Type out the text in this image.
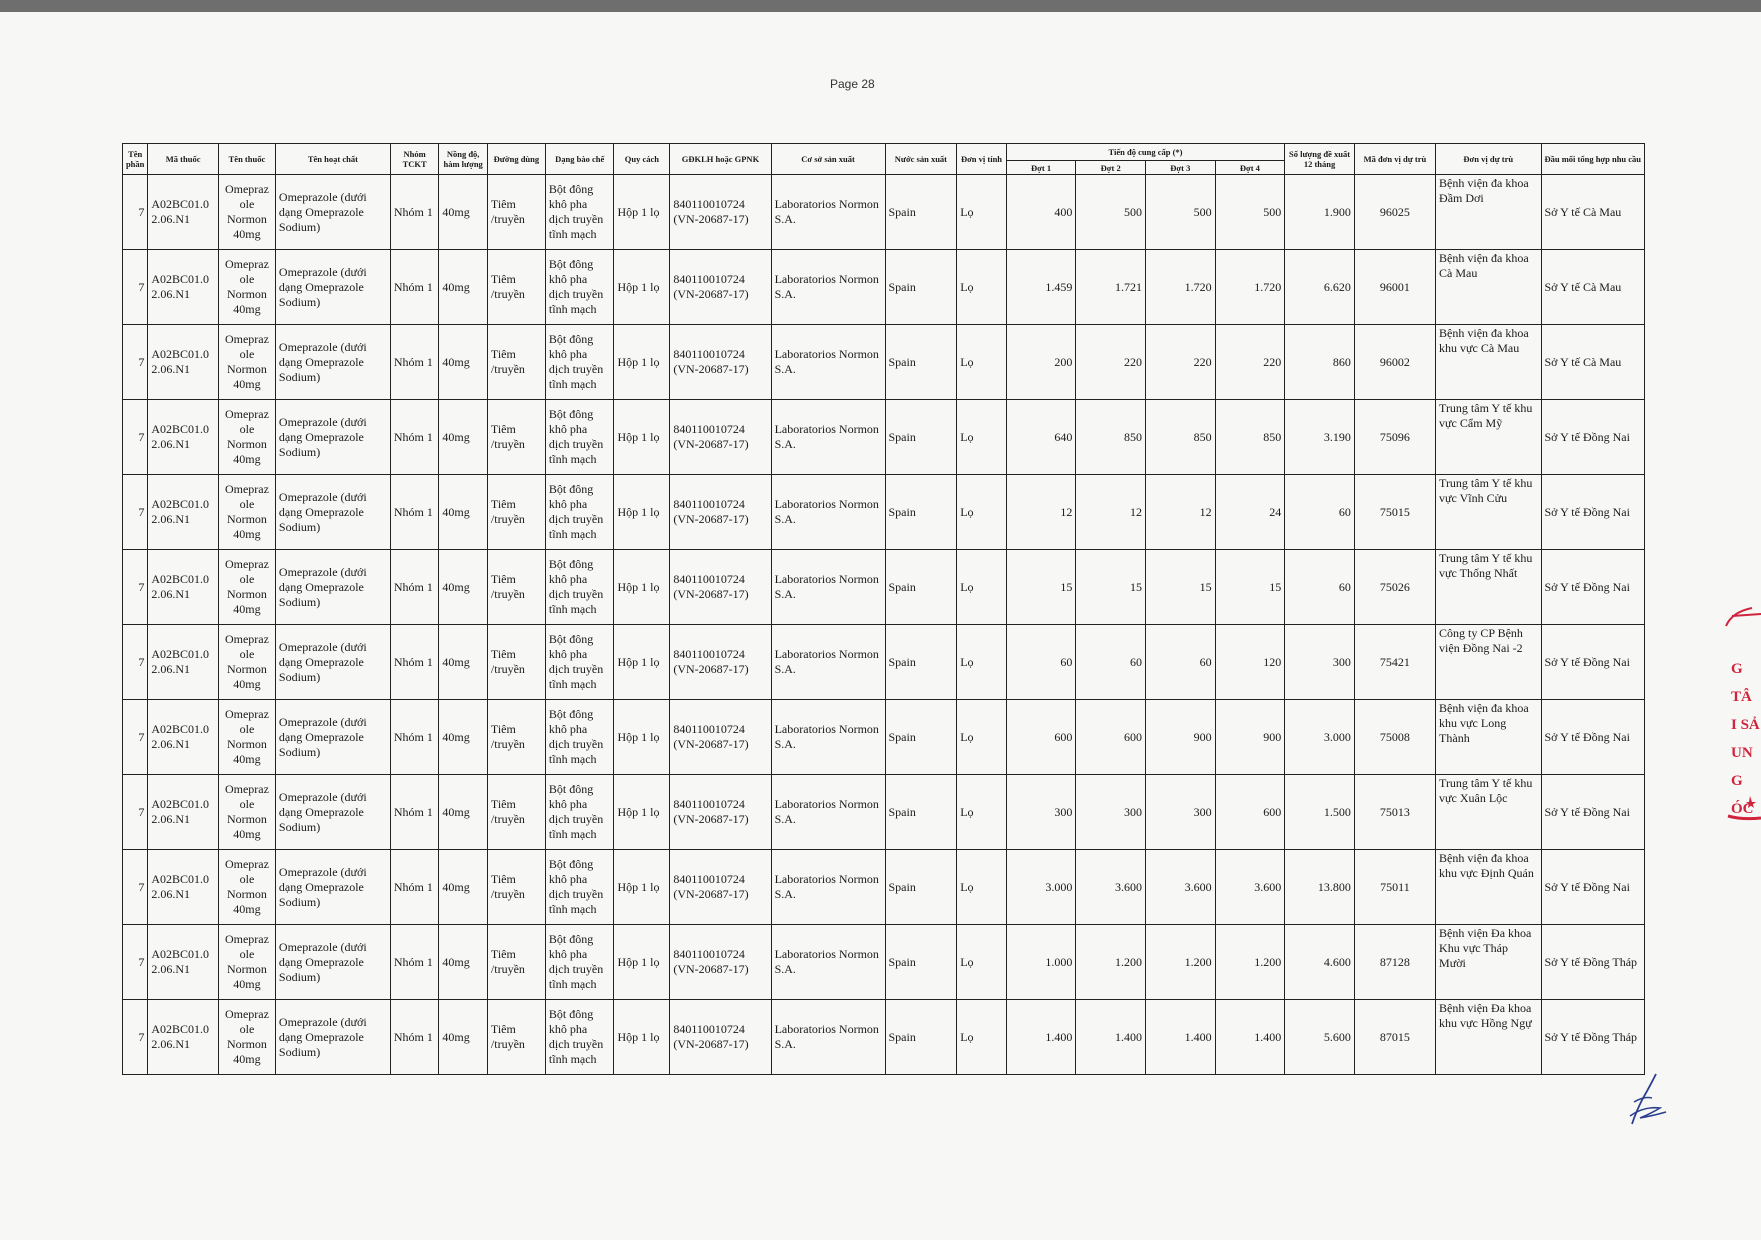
Page 28
Tên phần	Mã thuốc	Tên thuốc	Tên hoạt chất	Nhóm TCKT	Nồng độ, hàm lượng	Đường dùng	Dạng bào chế	Quy cách	GĐKLH hoặc GPNK	Cơ sở sản xuất	Nước sản xuất	Đơn vị tính	Tiến độ cung cấp (*)				Số lượng đề xuất 12 tháng	Mã đơn vị dự trù	Đơn vị dự trù	Đầu mối tổng hợp nhu cầu
													Đợt 1	Đợt 2	Đợt 3	Đợt 4				
7	A02BC01.02.06.N1	Omeprazole Normon 40mg	Omeprazole (dưới dạng Omeprazole Sodium)	Nhóm 1	40mg	Tiêm /truyền	Bột đông khô pha dịch truyền tĩnh mạch	Hộp 1 lọ	840110010724 (VN-20687-17)	Laboratorios Normon S.A.	Spain	Lọ	400	500	500	500	1.900	96025	Bệnh viện đa khoa Đầm Dơi	Sở Y tế Cà Mau
7	A02BC01.02.06.N1	Omeprazole Normon 40mg	Omeprazole (dưới dạng Omeprazole Sodium)	Nhóm 1	40mg	Tiêm /truyền	Bột đông khô pha dịch truyền tĩnh mạch	Hộp 1 lọ	840110010724 (VN-20687-17)	Laboratorios Normon S.A.	Spain	Lọ	1.459	1.721	1.720	1.720	6.620	96001	Bệnh viện đa khoa Cà Mau	Sở Y tế Cà Mau
7	A02BC01.02.06.N1	Omeprazole Normon 40mg	Omeprazole (dưới dạng Omeprazole Sodium)	Nhóm 1	40mg	Tiêm /truyền	Bột đông khô pha dịch truyền tĩnh mạch	Hộp 1 lọ	840110010724 (VN-20687-17)	Laboratorios Normon S.A.	Spain	Lọ	200	220	220	220	860	96002	Bệnh viện đa khoa khu vực Cà Mau	Sở Y tế Cà Mau
7	A02BC01.02.06.N1	Omeprazole Normon 40mg	Omeprazole (dưới dạng Omeprazole Sodium)	Nhóm 1	40mg	Tiêm /truyền	Bột đông khô pha dịch truyền tĩnh mạch	Hộp 1 lọ	840110010724 (VN-20687-17)	Laboratorios Normon S.A.	Spain	Lọ	640	850	850	850	3.190	75096	Trung tâm Y tế khu vực Cẩm Mỹ	Sở Y tế Đồng Nai
7	A02BC01.02.06.N1	Omeprazole Normon 40mg	Omeprazole (dưới dạng Omeprazole Sodium)	Nhóm 1	40mg	Tiêm /truyền	Bột đông khô pha dịch truyền tĩnh mạch	Hộp 1 lọ	840110010724 (VN-20687-17)	Laboratorios Normon S.A.	Spain	Lọ	12	12	12	24	60	75015	Trung tâm Y tế khu vực Vĩnh Cửu	Sở Y tế Đồng Nai
7	A02BC01.02.06.N1	Omeprazole Normon 40mg	Omeprazole (dưới dạng Omeprazole Sodium)	Nhóm 1	40mg	Tiêm /truyền	Bột đông khô pha dịch truyền tĩnh mạch	Hộp 1 lọ	840110010724 (VN-20687-17)	Laboratorios Normon S.A.	Spain	Lọ	15	15	15	15	60	75026	Trung tâm Y tế khu vực Thống Nhất	Sở Y tế Đồng Nai
7	A02BC01.02.06.N1	Omeprazole Normon 40mg	Omeprazole (dưới dạng Omeprazole Sodium)	Nhóm 1	40mg	Tiêm /truyền	Bột đông khô pha dịch truyền tĩnh mạch	Hộp 1 lọ	840110010724 (VN-20687-17)	Laboratorios Normon S.A.	Spain	Lọ	60	60	60	120	300	75421	Công ty CP Bệnh viện Đồng Nai -2	Sở Y tế Đồng Nai
7	A02BC01.02.06.N1	Omeprazole Normon 40mg	Omeprazole (dưới dạng Omeprazole Sodium)	Nhóm 1	40mg	Tiêm /truyền	Bột đông khô pha dịch truyền tĩnh mạch	Hộp 1 lọ	840110010724 (VN-20687-17)	Laboratorios Normon S.A.	Spain	Lọ	600	600	900	900	3.000	75008	Bệnh viện đa khoa khu vực Long Thành	Sở Y tế Đồng Nai
7	A02BC01.02.06.N1	Omeprazole Normon 40mg	Omeprazole (dưới dạng Omeprazole Sodium)	Nhóm 1	40mg	Tiêm /truyền	Bột đông khô pha dịch truyền tĩnh mạch	Hộp 1 lọ	840110010724 (VN-20687-17)	Laboratorios Normon S.A.	Spain	Lọ	300	300	300	600	1.500	75013	Trung tâm Y tế khu vực Xuân Lộc	Sở Y tế Đồng Nai
7	A02BC01.02.06.N1	Omeprazole Normon 40mg	Omeprazole (dưới dạng Omeprazole Sodium)	Nhóm 1	40mg	Tiêm /truyền	Bột đông khô pha dịch truyền tĩnh mạch	Hộp 1 lọ	840110010724 (VN-20687-17)	Laboratorios Normon S.A.	Spain	Lọ	3.000	3.600	3.600	3.600	13.800	75011	Bệnh viện đa khoa khu vực Định Quán	Sở Y tế Đồng Nai
7	A02BC01.02.06.N1	Omeprazole Normon 40mg	Omeprazole (dưới dạng Omeprazole Sodium)	Nhóm 1	40mg	Tiêm /truyền	Bột đông khô pha dịch truyền tĩnh mạch	Hộp 1 lọ	840110010724 (VN-20687-17)	Laboratorios Normon S.A.	Spain	Lọ	1.000	1.200	1.200	1.200	4.600	87128	Bệnh viện Đa khoa Khu vực Tháp Mười	Sở Y tế Đồng Tháp
7	A02BC01.02.06.N1	Omeprazole Normon 40mg	Omeprazole (dưới dạng Omeprazole Sodium)	Nhóm 1	40mg	Tiêm /truyền	Bột đông khô pha dịch truyền tĩnh mạch	Hộp 1 lọ	840110010724 (VN-20687-17)	Laboratorios Normon S.A.	Spain	Lọ	1.400	1.400	1.400	1.400	5.600	87015	Bệnh viện Đa khoa khu vực Hồng Ngự	Sở Y tế Đồng Tháp
G TÂ I SẢ UNG ÓC
